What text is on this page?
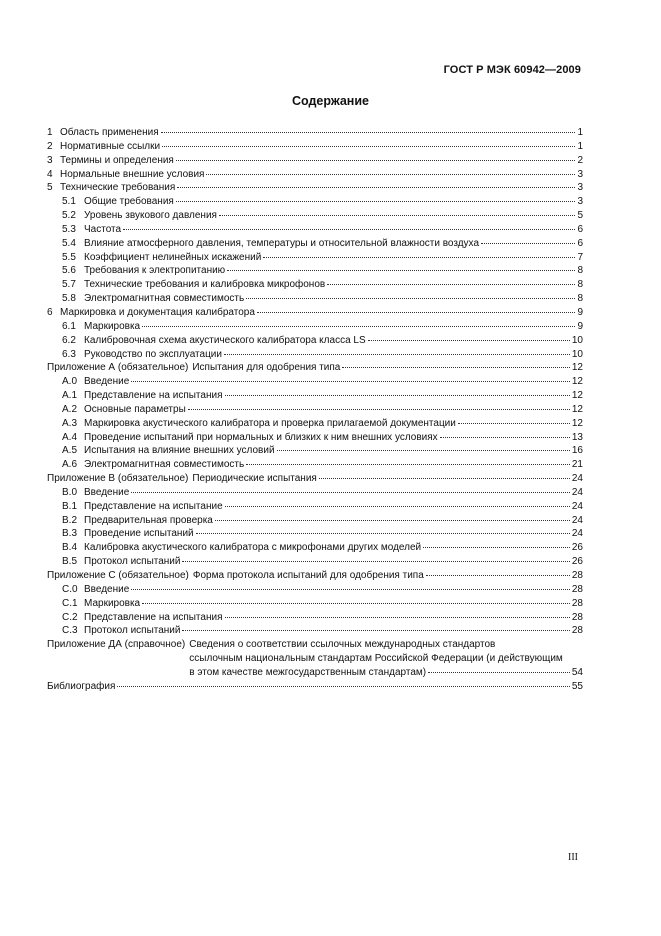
ГОСТ Р МЭК 60942—2009
Содержание
1 Область применения	1
2 Нормативные ссылки	1
3 Термины и определения	2
4 Нормальные внешние условия	3
5 Технические требования	3
5.1 Общие требования	3
5.2 Уровень звукового давления	5
5.3 Частота	6
5.4 Влияние атмосферного давления, температуры и относительной влажности воздуха	6
5.5 Коэффициент нелинейных искажений	7
5.6 Требования к электропитанию	8
5.7 Технические требования и калибровка микрофонов	8
5.8 Электромагнитная совместимость	8
6 Маркировка и документация калибратора	9
6.1 Маркировка	9
6.2 Калибровочная схема акустического калибратора класса LS	10
6.3 Руководство по эксплуатации	10
Приложение А (обязательное) Испытания для одобрения типа	12
А.0 Введение	12
А.1 Представление на испытания	12
А.2 Основные параметры	12
А.3 Маркировка акустического калибратора и проверка прилагаемой документации	12
А.4 Проведение испытаний при нормальных и близких к ним внешних условиях	13
А.5 Испытания на влияние внешних условий	16
А.6 Электромагнитная совместимость	21
Приложение В (обязательное) Периодические испытания	24
В.0 Введение	24
В.1 Представление на испытание	24
В.2 Предварительная проверка	24
В.3 Проведение испытаний	24
В.4 Калибровка акустического калибратора с микрофонами других моделей	26
В.5 Протокол испытаний	26
Приложение С (обязательное) Форма протокола испытаний для одобрения типа	28
С.0 Введение	28
С.1 Маркировка	28
С.2 Представление на испытания	28
С.3 Протокол испытаний	28
Приложение ДА (справочное) Сведения о соответствии ссылочных международных стандартов
ссылочным национальным стандартам Российской Федерации (и действующим
в этом качестве межгосударственным стандартам)	54
Библиография	55
III
